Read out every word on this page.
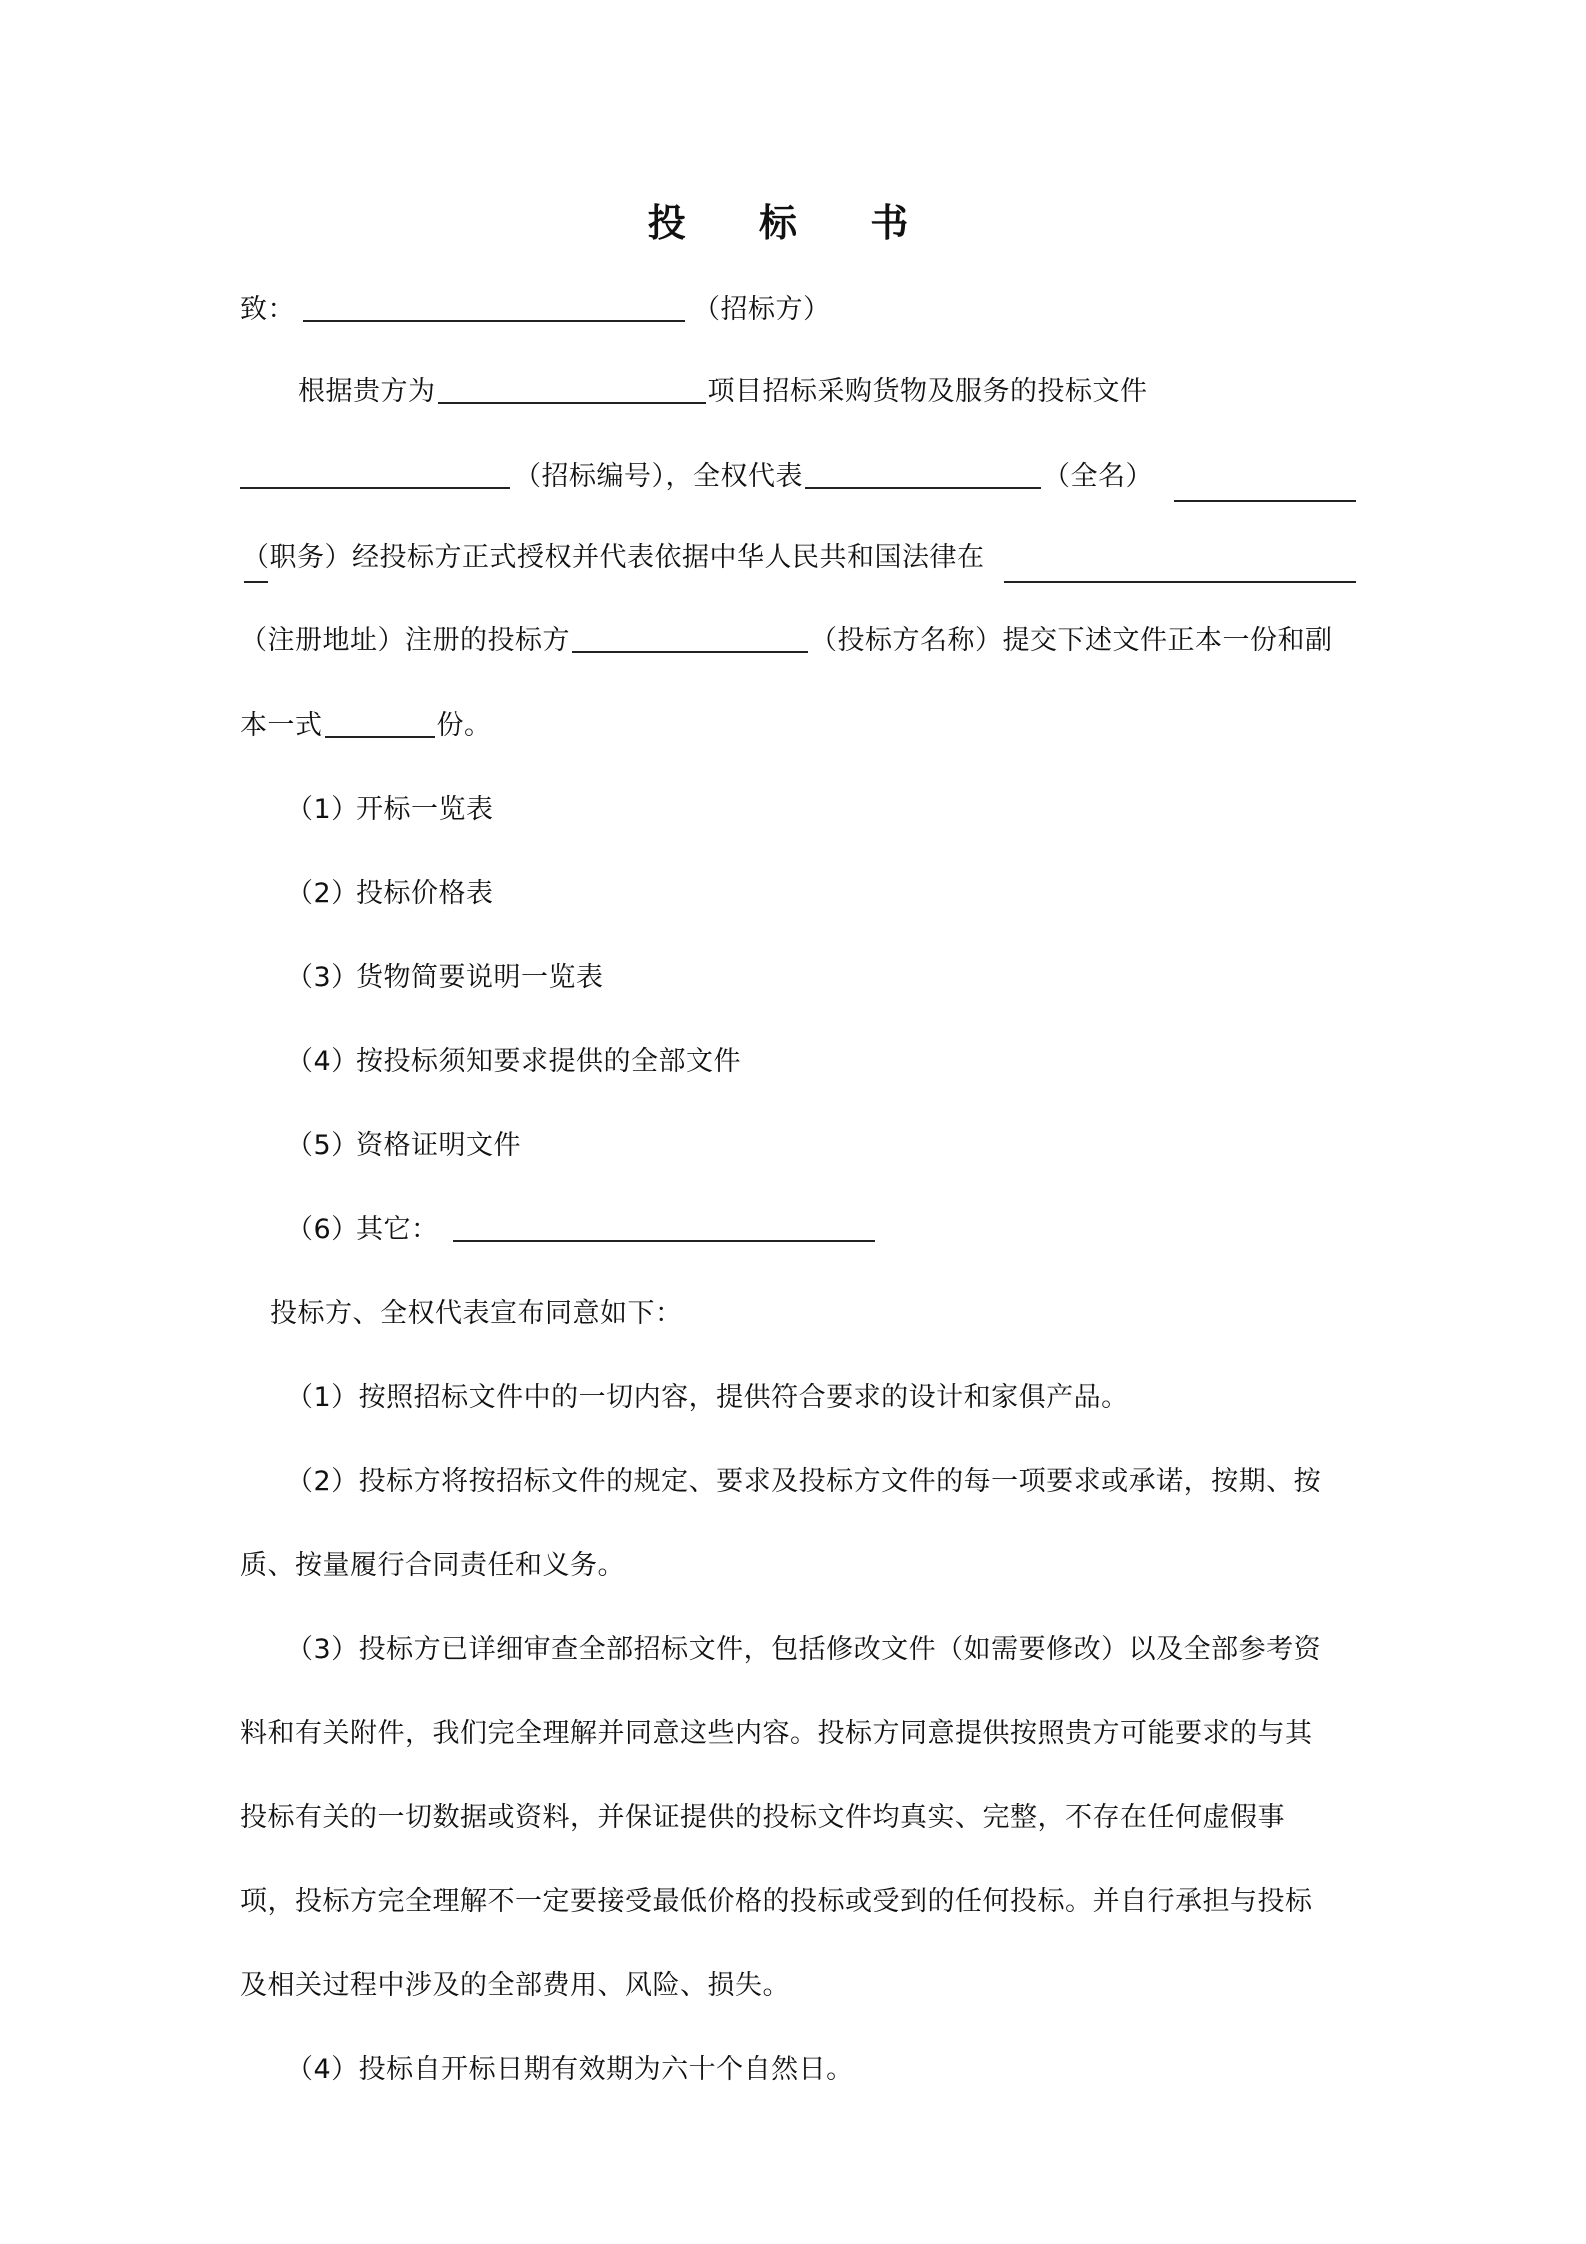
投 标 书
致：	（招标方）
根据贵方为	项目招标采购货物及服务的投标文件
（招标编号），全权代表	（全名）
（职务）经投标方正式授权并代表依据中华人民共和国法律在
（注册地址）注册的投标方	（投标方名称）提交下述文件正本一份和副
本一式	份。
（1）开标一览表
（2）投标价格表
（3）货物简要说明一览表
（4）按投标须知要求提供的全部文件
（5）资格证明文件
（6）其它：
投标方、全权代表宣布同意如下：
（1）按照招标文件中的一切内容，提供符合要求的设计和家俱产品。
（2）投标方将按招标文件的规定、要求及投标方文件的每一项要求或承诺，按期、按
质、按量履行合同责任和义务。
（3）投标方已详细审查全部招标文件，包括修改文件（如需要修改）以及全部参考资
料和有关附件，我们完全理解并同意这些内容。投标方同意提供按照贵方可能要求的与其
投标有关的一切数据或资料，并保证提供的投标文件均真实、完整，不存在任何虚假事
项，投标方完全理解不一定要接受最低价格的投标或受到的任何投标。并自行承担与投标
及相关过程中涉及的全部费用、风险、损失。
（4）投标自开标日期有效期为六十个自然日。
